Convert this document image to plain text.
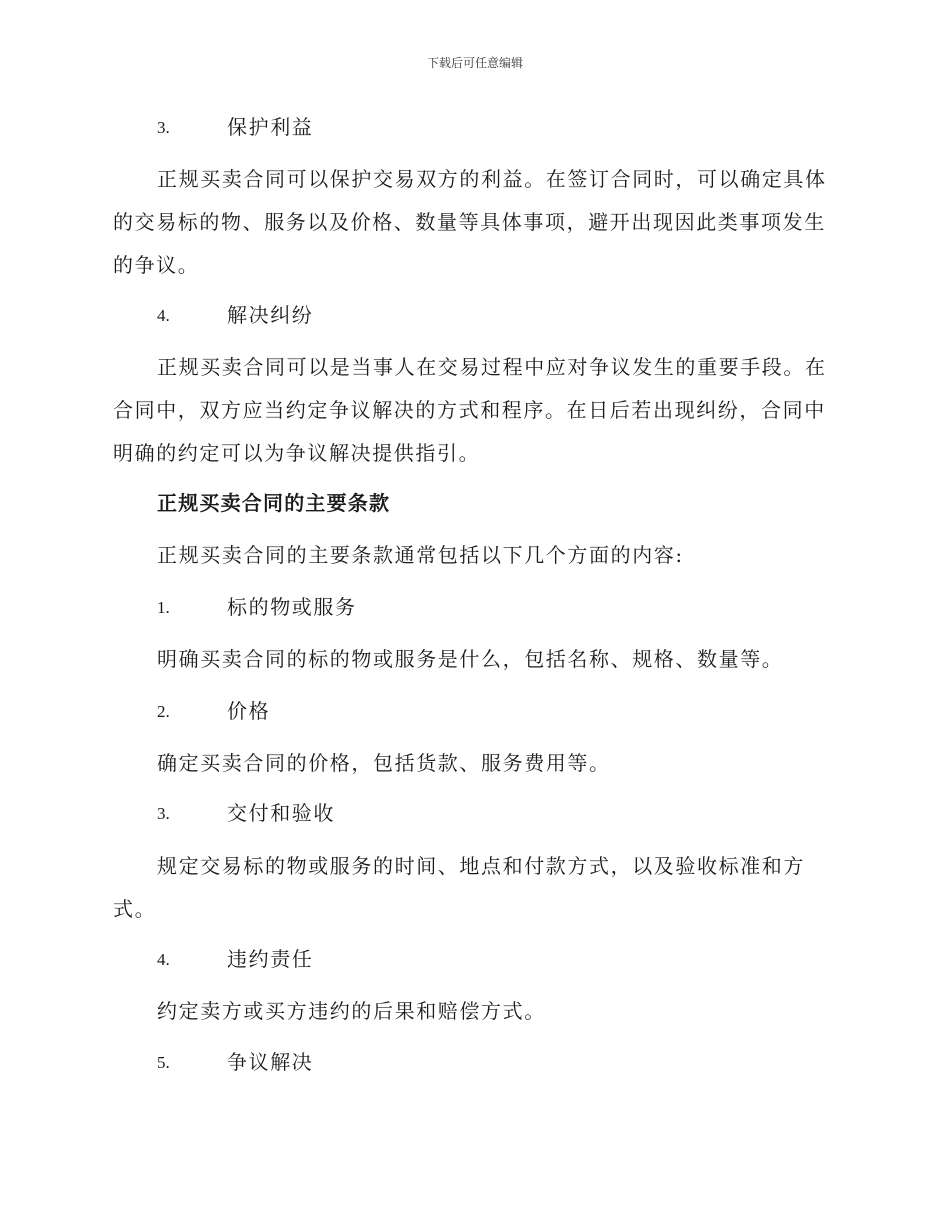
下载后可任意编辑
3.	保护利益
正规买卖合同可以保护交易双方的利益。在签订合同时，可以确定具体
的交易标的物、服务以及价格、数量等具体事项，避开出现因此类事项发生
的争议。
4.	解决纠纷
正规买卖合同可以是当事人在交易过程中应对争议发生的重要手段。在
合同中，双方应当约定争议解决的方式和程序。在日后若出现纠纷，合同中
明确的约定可以为争议解决提供指引。
正规买卖合同的主要条款
正规买卖合同的主要条款通常包括以下几个方面的内容:
1.	标的物或服务
明确买卖合同的标的物或服务是什么，包括名称、规格、数量等。
2.	价格
确定买卖合同的价格，包括货款、服务费用等。
3.	交付和验收
规定交易标的物或服务的时间、地点和付款方式，以及验收标准和方
式。
4.	违约责任
约定卖方或买方违约的后果和赔偿方式。
5.	争议解决
